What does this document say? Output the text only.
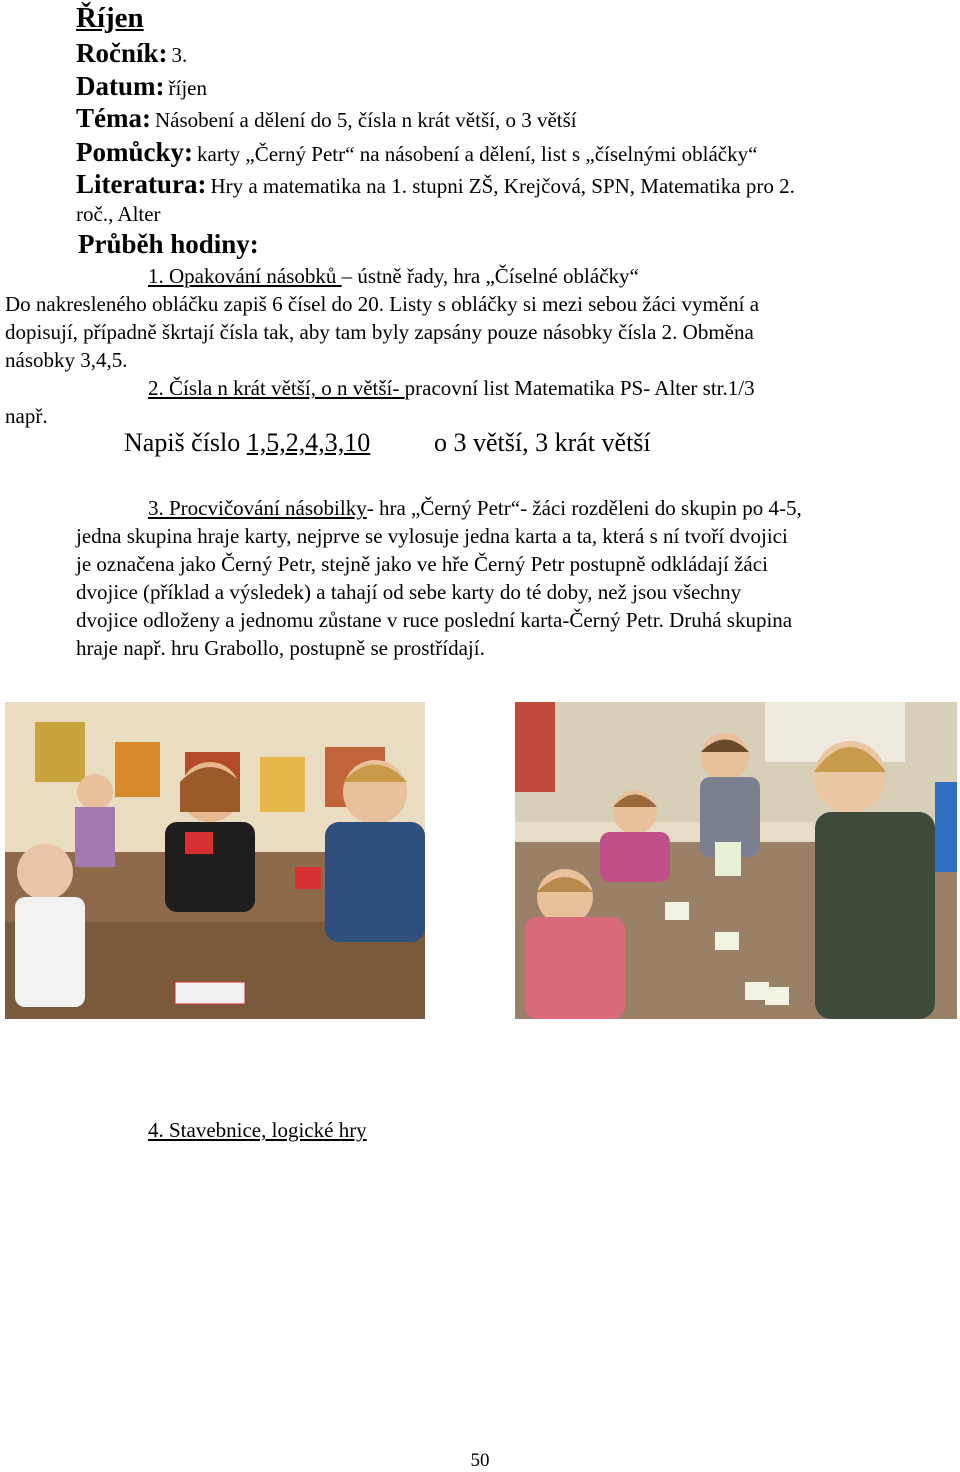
Říjen
Ročník: 3.
Datum: říjen
Téma: Násobení a dělení do 5, čísla n krát větší, o 3 větší
Pomůcky: karty „Černý Petr“ na násobení a dělení, list s „číselnými obláčky“
Literatura: Hry a matematika na 1. stupni ZŠ, Krejčová, SPN, Matematika pro 2.
roč., Alter
Průběh hodiny:
1. Opakování násobků – ústně řady, hra „Číselné obláčky“
Do nakresleného obláčku zapiš 6 čísel do 20. Listy s obláčky si mezi sebou žáci vymění a
dopisují, případně škrtají čísla tak, aby tam byly zapsány pouze násobky čísla 2. Obměna
násobky 3,4,5.
2. Čísla n krát větší, o n větší- pracovní list Matematika PS- Alter str.1/3
např.
Napiš číslo 1,5,2,4,3,10 o 3 větší, 3 krát větší
3. Procvičování násobilky- hra „Černý Petr“- žáci rozděleni do skupin po 4-5,
jedna skupina hraje karty, nejprve se vylosuje jedna karta a ta, která s ní tvoří dvojici
je označena jako Černý Petr, stejně jako ve hře Černý Petr postupně odkládají žáci
dvojice (příklad a výsledek) a tahají od sebe karty do té doby, než jsou všechny
dvojice odloženy a jednomu zůstane v ruce poslední karta-Černý Petr. Druhá skupina
hraje např. hru Grabollo, postupně se prostřídají.
4. Stavebnice, logické hry
50
